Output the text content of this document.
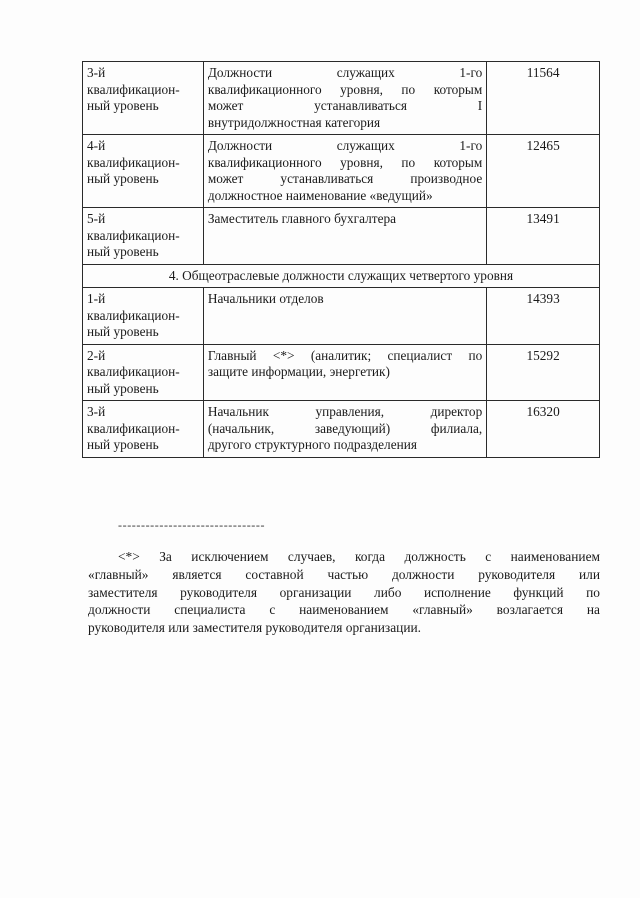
3-й
квалификацион-
ный уровень	Должности служащих 1-го
квалификационного уровня, по которым
может устанавливаться I
внутридолжностная категория	11564

4-й
квалификацион-
ный уровень	Должности служащих 1-го
квалификационного уровня, по которым
может устанавливаться производное
должностное наименование «ведущий»	12465

5-й
квалификацион-
ный уровень	Заместитель главного бухгалтера	13491
4. Общеотраслевые должности служащих четвертого уровня		

1-й
квалификацион-
ный уровень	Начальники отделов	14393

2-й
квалификацион-
ный уровень	Главный <*> (аналитик; специалист по
защите информации, энергетик)	15292

3-й
квалификацион-
ный уровень	Начальник управления, директор
(начальник, заведующий) филиала,
другого структурного подразделения	16320
--------------------------------
<*> За исключением случаев, когда должность с наименованием
«главный» является составной частью должности руководителя или
заместителя руководителя организации либо исполнение функций по
должности специалиста с наименованием «главный» возлагается на
руководителя или заместителя руководителя организации.
